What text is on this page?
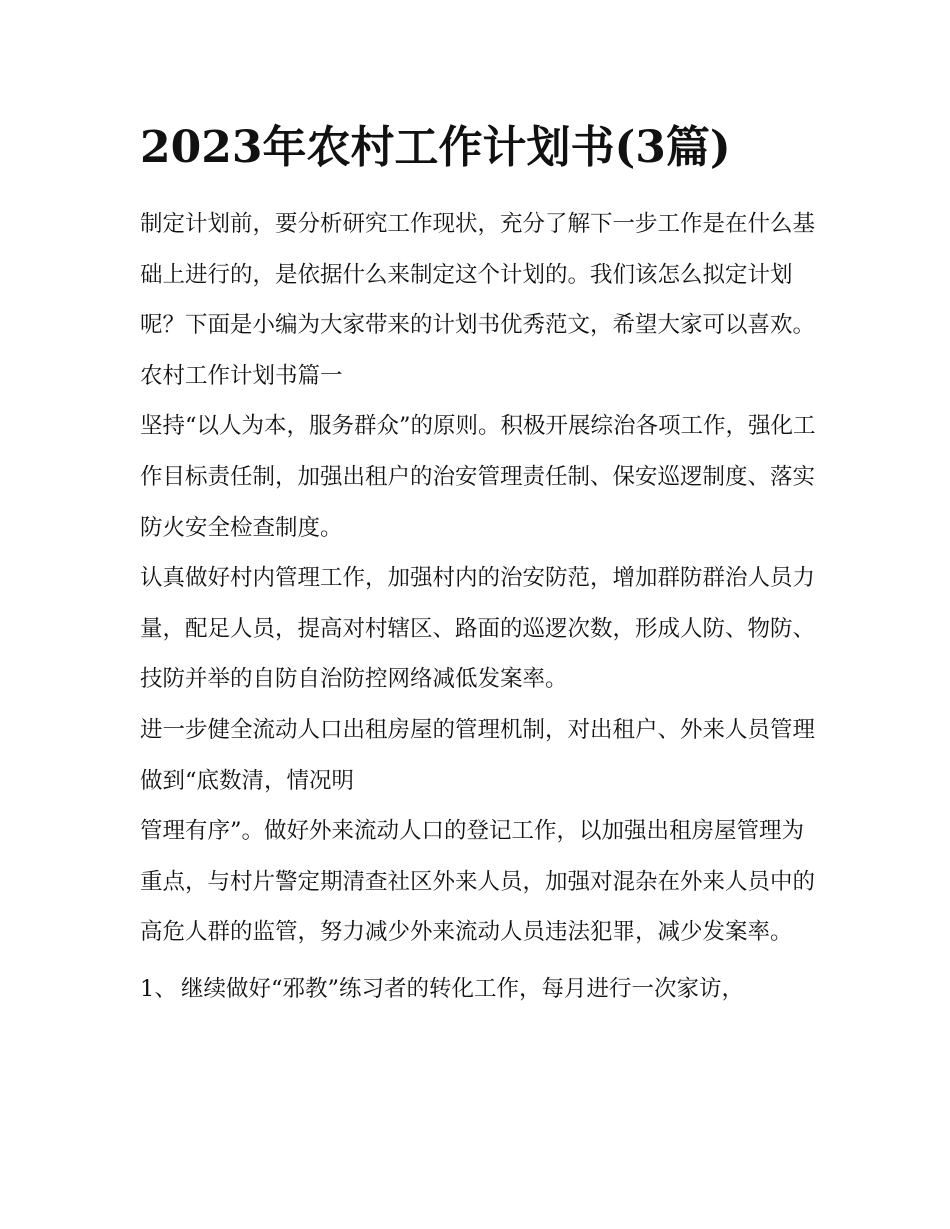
2023年农村工作计划书(3篇)

制定计划前，要分析研究工作现状，充分了解下一步工作是在什么基础上进行的，是依据什么来制定这个计划的。我们该怎么拟定计划呢？下面是小编为大家带来的计划书优秀范文，希望大家可以喜欢。

农村工作计划书篇一

坚持“以人为本，服务群众”的原则。积极开展综治各项工作，强化工作目标责任制，加强出租户的治安管理责任制、保安巡逻制度、落实防火安全检查制度。

认真做好村内管理工作，加强村内的治安防范，增加群防群治人员力量，配足人员，提高对村辖区、路面的巡逻次数，形成人防、物防、技防并举的自防自治防控网络减低发案率。

进一步健全流动人口出租房屋的管理机制，对出租户、外来人员管理做到“底数清，情况明

管理有序”。做好外来流动人口的登记工作，以加强出租房屋管理为重点，与村片警定期清查社区外来人员，加强对混杂在外来人员中的高危人群的监管，努力减少外来流动人员违法犯罪，减少发案率。

1、 继续做好“邪教”练习者的转化工作，每月进行一次家访，
